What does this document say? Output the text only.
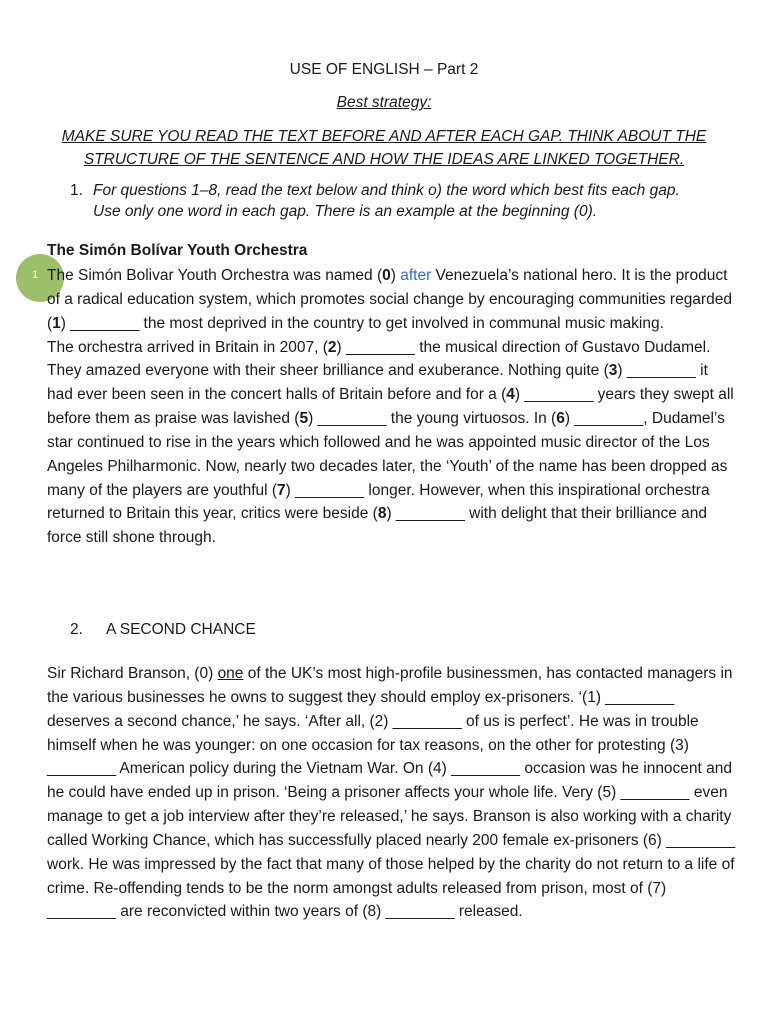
USE OF ENGLISH – Part 2
Best strategy:
MAKE SURE YOU READ THE TEXT BEFORE AND AFTER EACH GAP. THINK ABOUT THE
STRUCTURE OF THE SENTENCE AND HOW THE IDEAS ARE LINKED TOGETHER.
1. For questions 1–8, read the text below and think o) the word which best fits each gap.
Use only one word in each gap. There is an example at the beginning (0).
1
The Simón Bolívar Youth Orchestra

The Simón Bolivar Youth Orchestra was named (0) after Venezuela’s national hero. It is the product of a radical education system, which promotes social change by encouraging communities regarded (1) ________ the most deprived in the country to get involved in communal music making.

The orchestra arrived in Britain in 2007, (2) ________ the musical direction of Gustavo Dudamel. They amazed everyone with their sheer brilliance and exuberance. Nothing quite (3) ________ it had ever been seen in the concert halls of Britain before and for a (4) ________ years they swept all before them as praise was lavished (5) ________ the young virtuosos. In (6) ________, Dudamel’s star continued to rise in the years which followed and he was appointed music director of the Los Angeles Philharmonic. Now, nearly two decades later, the ‘Youth’ of the name has been dropped as many of the players are youthful (7) ________ longer. However, when this inspirational orchestra returned to Britain this year, critics were beside (8) ________ with delight that their brilliance and force still shone through.

2. A SECOND CHANCE

Sir Richard Branson, (0) one of the UK’s most high-profile businessmen, has contacted managers in the various businesses he owns to suggest they should employ ex-prisoners. ‘(1) ________ deserves a second chance,’ he says. ‘After all, (2) ________ of us is perfect’. He was in trouble himself when he was younger: on one occasion for tax reasons, on the other for protesting (3) ________ American policy during the Vietnam War. On (4) ________ occasion was he innocent and he could have ended up in prison. ‘Being a prisoner affects your whole life. Very (5) ________ even manage to get a job interview after they’re released,’ he says. Branson is also working with a charity called Working Chance, which has successfully placed nearly 200 female ex-prisoners (6) ________ work. He was impressed by the fact that many of those helped by the charity do not return to a life of crime. Re-offending tends to be the norm amongst adults released from prison, most of (7) ________ are reconvicted within two years of (8) ________ released.
